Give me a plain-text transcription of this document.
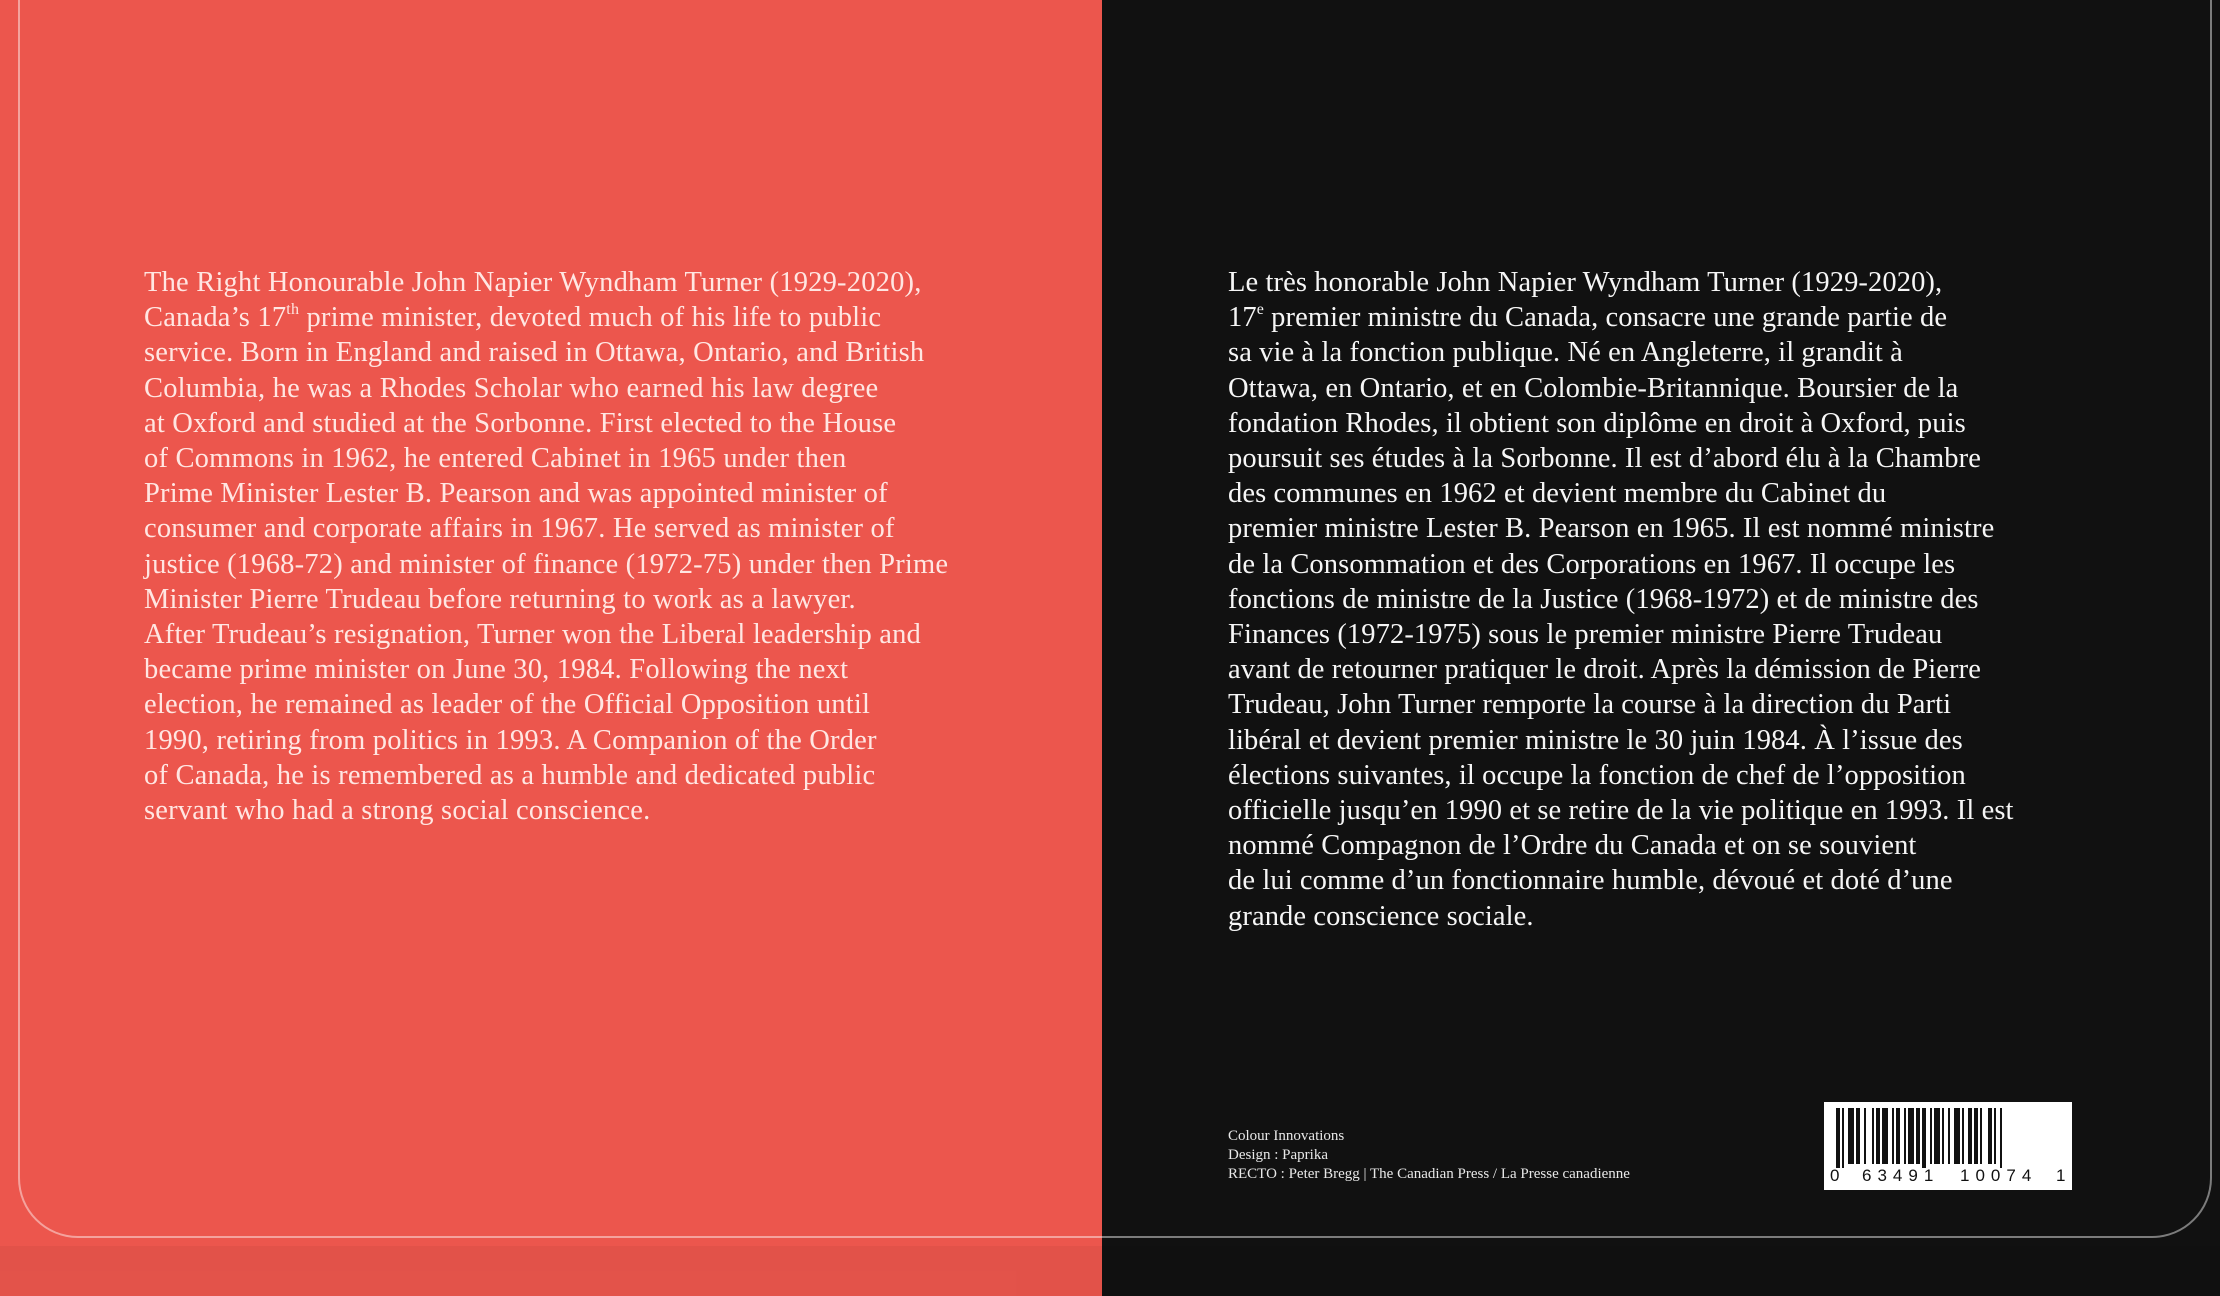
The Right Honourable John Napier Wyndham Turner (1929-2020),
Canada’s 17th prime minister, devoted much of his life to public
service. Born in England and raised in Ottawa, Ontario, and British
Columbia, he was a Rhodes Scholar who earned his law degree
at Oxford and studied at the Sorbonne. First elected to the House
of Commons in 1962, he entered Cabinet in 1965 under then
Prime Minister Lester B. Pearson and was appointed minister of
consumer and corporate affairs in 1967. He served as minister of
justice (1968-72) and minister of finance (1972-75) under then Prime
Minister Pierre Trudeau before returning to work as a lawyer.
After Trudeau’s resignation, Turner won the Liberal leadership and
became prime minister on June 30, 1984. Following the next
election, he remained as leader of the Official Opposition until
1990, retiring from politics in 1993. A Companion of the Order
of Canada, he is remembered as a humble and dedicated public
servant who had a strong social conscience.
Le très honorable John Napier Wyndham Turner (1929-2020),
17e premier ministre du Canada, consacre une grande partie de
sa vie à la fonction publique. Né en Angleterre, il grandit à
Ottawa, en Ontario, et en Colombie-Britannique. Boursier de la
fondation Rhodes, il obtient son diplôme en droit à Oxford, puis
poursuit ses études à la Sorbonne. Il est d’abord élu à la Chambre
des communes en 1962 et devient membre du Cabinet du
premier ministre Lester B. Pearson en 1965. Il est nommé ministre
de la Consommation et des Corporations en 1967. Il occupe les
fonctions de ministre de la Justice (1968-1972) et de ministre des
Finances (1972-1975) sous le premier ministre Pierre Trudeau
avant de retourner pratiquer le droit. Après la démission de Pierre
Trudeau, John Turner remporte la course à la direction du Parti
libéral et devient premier ministre le 30 juin 1984. À l’issue des
élections suivantes, il occupe la fonction de chef de l’opposition
officielle jusqu’en 1990 et se retire de la vie politique en 1993. Il est
nommé Compagnon de l’Ordre du Canada et on se souvient
de lui comme d’un fonctionnaire humble, dévoué et doté d’une
grande conscience sociale.
Colour Innovations
Design : Paprika
RECTO : Peter Bregg | The Canadian Press / La Presse canadienne	0 63491 10074 1
